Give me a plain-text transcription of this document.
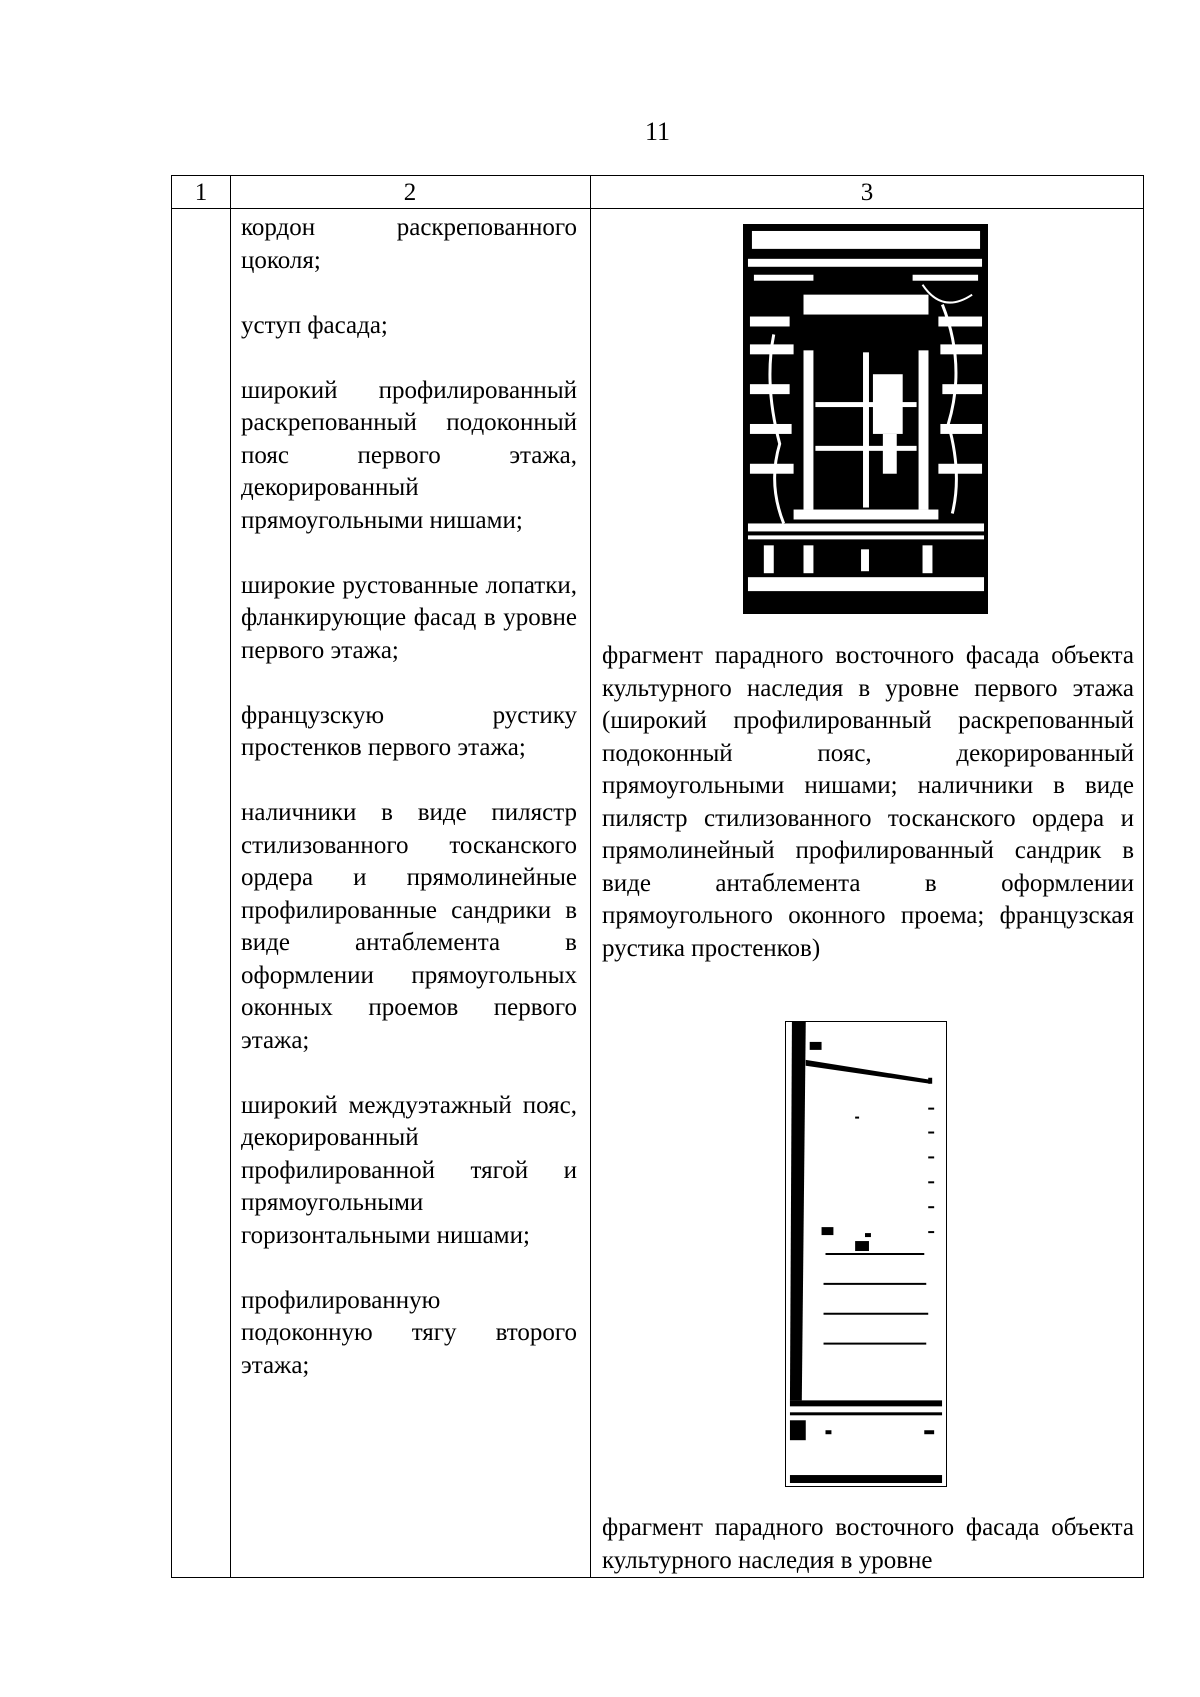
11
1	2	3

кордон раскрепованного цоколя;

уступ фасада;

широкий профилированный раскрепованный подоконный пояс первого этажа, декорированный прямоугольными нишами;

широкие рустованные лопатки, фланкирующие фасад в уровне первого этажа;

французскую рустику простенков первого этажа;

наличники в виде пилястр стилизованного тосканского ордера и прямолинейные профилированные сандрики в виде антаблемента в оформлении прямоугольных оконных проемов первого этажа;

широкий междуэтажный пояс, декорированный профилированной тягой и прямоугольными горизонтальными нишами;

профилированную подоконную тягу второго этажа;

фрагмент парадного восточного фасада объекта культурного наследия в уровне первого этажа (широкий профилированный раскрепованный подоконный пояс, декорированный прямоугольными нишами; наличники в виде пилястр стилизованного тосканского ордера и прямолинейный профилированный сандрик в виде антаблемента в оформлении прямоугольного оконного проема; французская рустика простенков)
фрагмент парадного восточного фасада объекта культурного наследия в уровне
